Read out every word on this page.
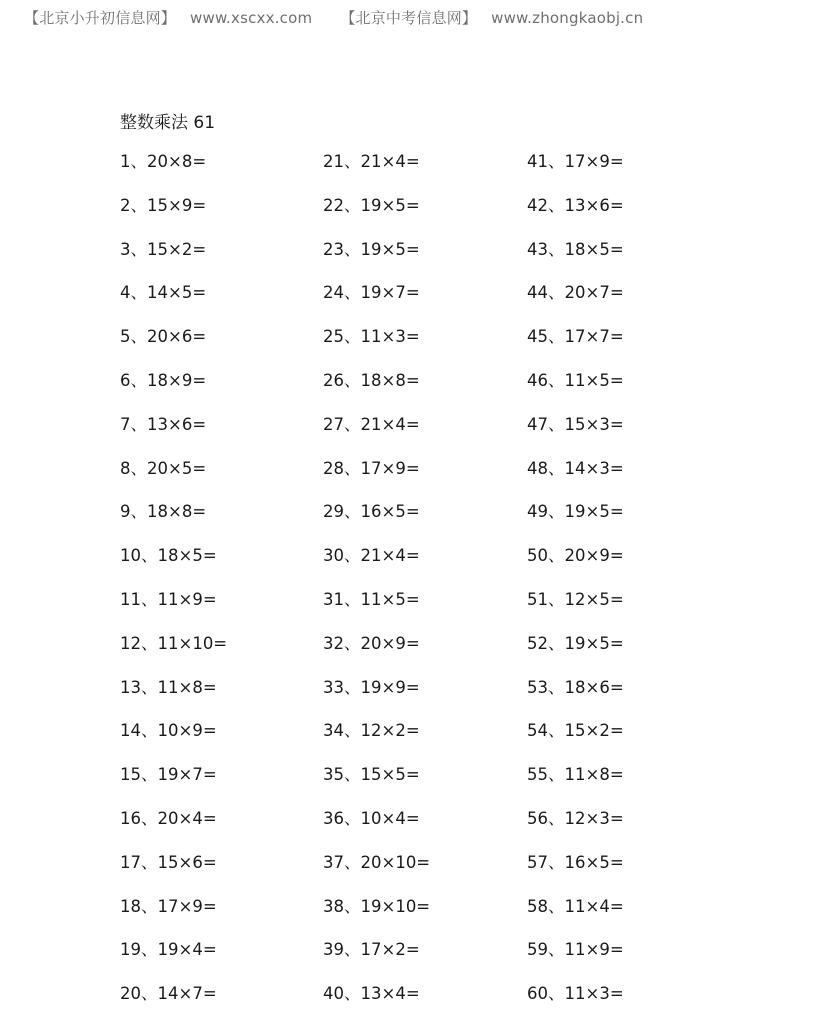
【北京小升初信息网】 www.xscxx.com 【北京中考信息网】 www.zhongkaobj.cn
整数乘法 61
1、20×8=
2、15×9=
3、15×2=
4、14×5=
5、20×6=
6、18×9=
7、13×6=
8、20×5=
9、18×8=
10、18×5=
11、11×9=
12、11×10=
13、11×8=
14、10×9=
15、19×7=
16、20×4=
17、15×6=
18、17×9=
19、19×4=
20、14×7=
21、21×4=
22、19×5=
23、19×5=
24、19×7=
25、11×3=
26、18×8=
27、21×4=
28、17×9=
29、16×5=
30、21×4=
31、11×5=
32、20×9=
33、19×9=
34、12×2=
35、15×5=
36、10×4=
37、20×10=
38、19×10=
39、17×2=
40、13×4=
41、17×9=
42、13×6=
43、18×5=
44、20×7=
45、17×7=
46、11×5=
47、15×3=
48、14×3=
49、19×5=
50、20×9=
51、12×5=
52、19×5=
53、18×6=
54、15×2=
55、11×8=
56、12×3=
57、16×5=
58、11×4=
59、11×9=
60、11×3=
